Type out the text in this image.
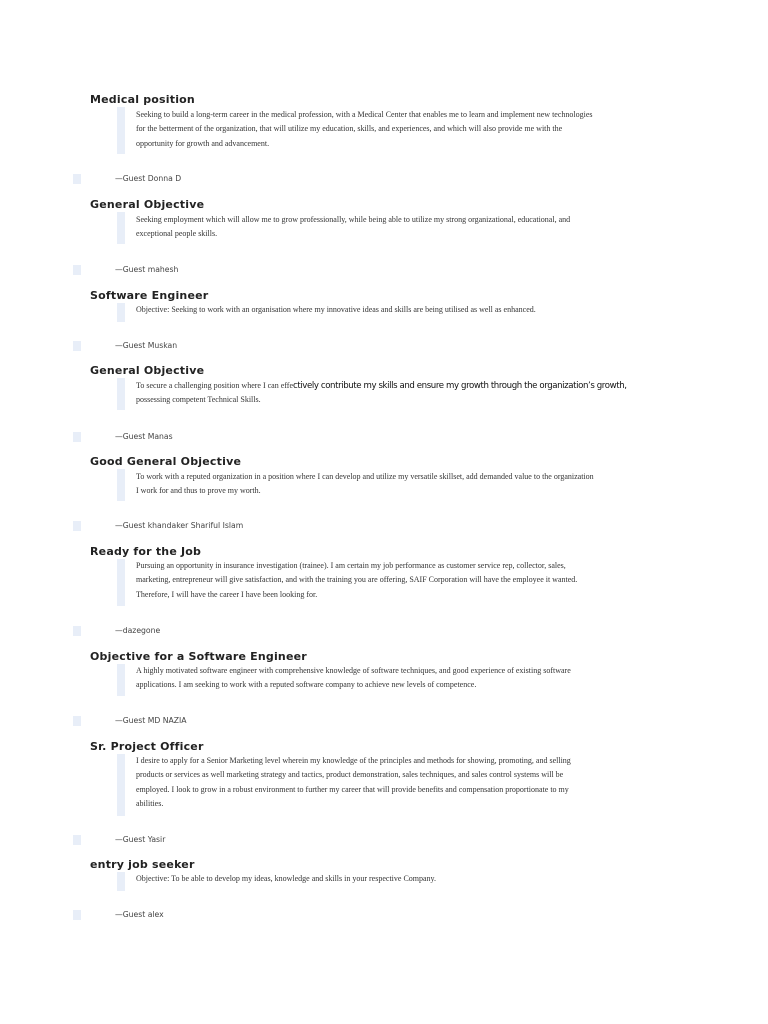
Medical position
Seeking to build a long-term career in the medical profession, with a Medical Center that enables me to learn and implement new technologies
for the betterment of the organization, that will utilize my education, skills, and experiences, and which will also provide me with the
opportunity for growth and advancement.
—Guest Donna D
General Objective
Seeking employment which will allow me to grow professionally, while being able to utilize my strong organizational, educational, and
exceptional people skills.
—Guest mahesh
Software Engineer
Objective: Seeking to work with an organisation where my innovative ideas and skills are being utilised as well as enhanced.
—Guest Muskan
General Objective
To secure a challenging position where I can effectively contribute my skills and ensure my growth through the organization’s growth,
possessing competent Technical Skills.
—Guest Manas
Good General Objective
To work with a reputed organization in a position where I can develop and utilize my versatile skillset, add demanded value to the organization
I work for and thus to prove my worth.
—Guest khandaker Shariful Islam
Ready for the Job
Pursuing an opportunity in insurance investigation (trainee). I am certain my job performance as customer service rep, collector, sales,
marketing, entrepreneur will give satisfaction, and with the training you are offering, SAIF Corporation will have the employee it wanted.
Therefore, I will have the career I have been looking for.
—dazegone
Objective for a Software Engineer
A highly motivated software engineer with comprehensive knowledge of software techniques, and good experience of existing software
applications. I am seeking to work with a reputed software company to achieve new levels of competence.
—Guest MD NAZIA
Sr. Project Officer
I desire to apply for a Senior Marketing level wherein my knowledge of the principles and methods for showing, promoting, and selling
products or services as well marketing strategy and tactics, product demonstration, sales techniques, and sales control systems will be
employed. I look to grow in a robust environment to further my career that will provide benefits and compensation proportionate to my
abilities.
—Guest Yasir
entry job seeker
Objective: To be able to develop my ideas, knowledge and skills in your respective Company.
—Guest alex
